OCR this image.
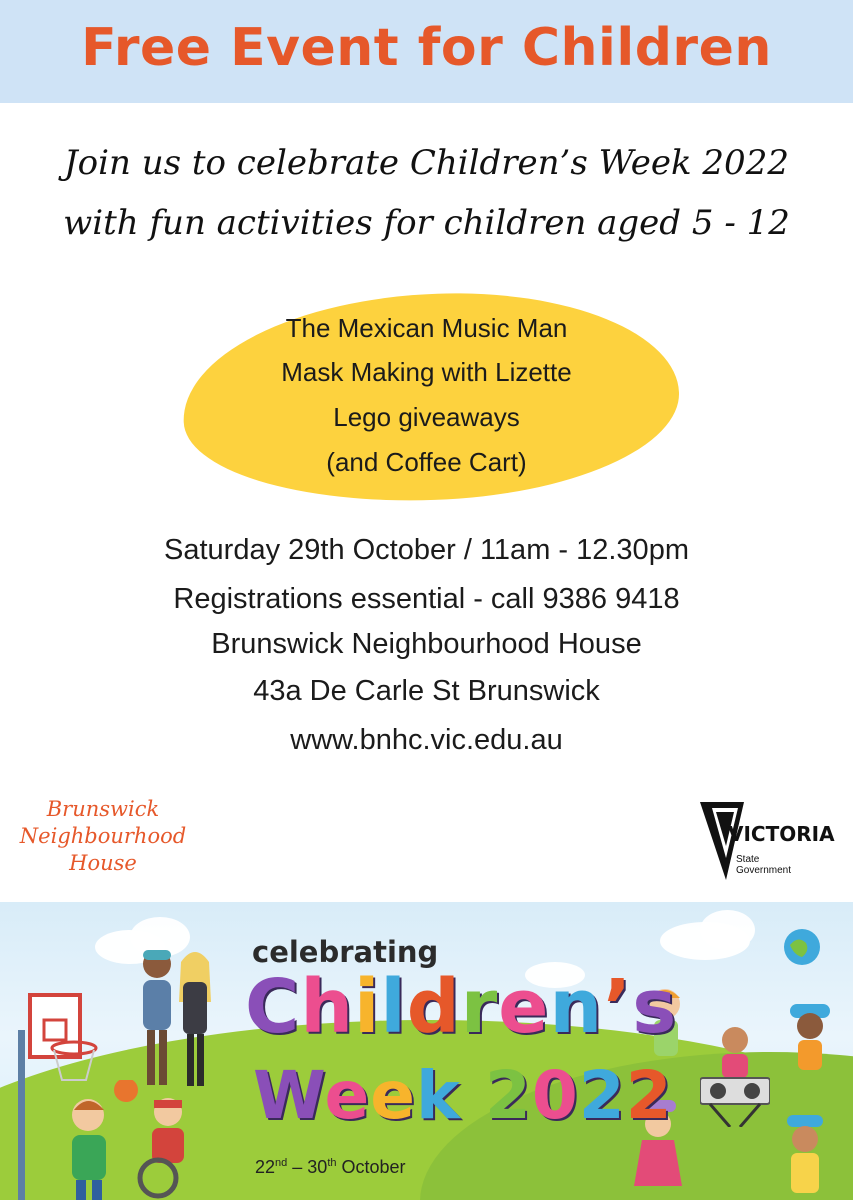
Free Event for Children
Join us to celebrate Children’s Week 2022
with fun activities for children aged 5 - 12
The Mexican Music Man
Mask Making with Lizette
Lego giveaways
(and Coffee Cart)
Saturday 29th October / 11am - 12.30pm
Registrations essential - call 9386 9418
Brunswick Neighbourhood House
43a De Carle St Brunswick
www.bnhc.vic.edu.au
Brunswick
Neighbourhood
House
VICTORIA
State
Government
celebrating
Children’s
Week 2022
22nd – 30th October
